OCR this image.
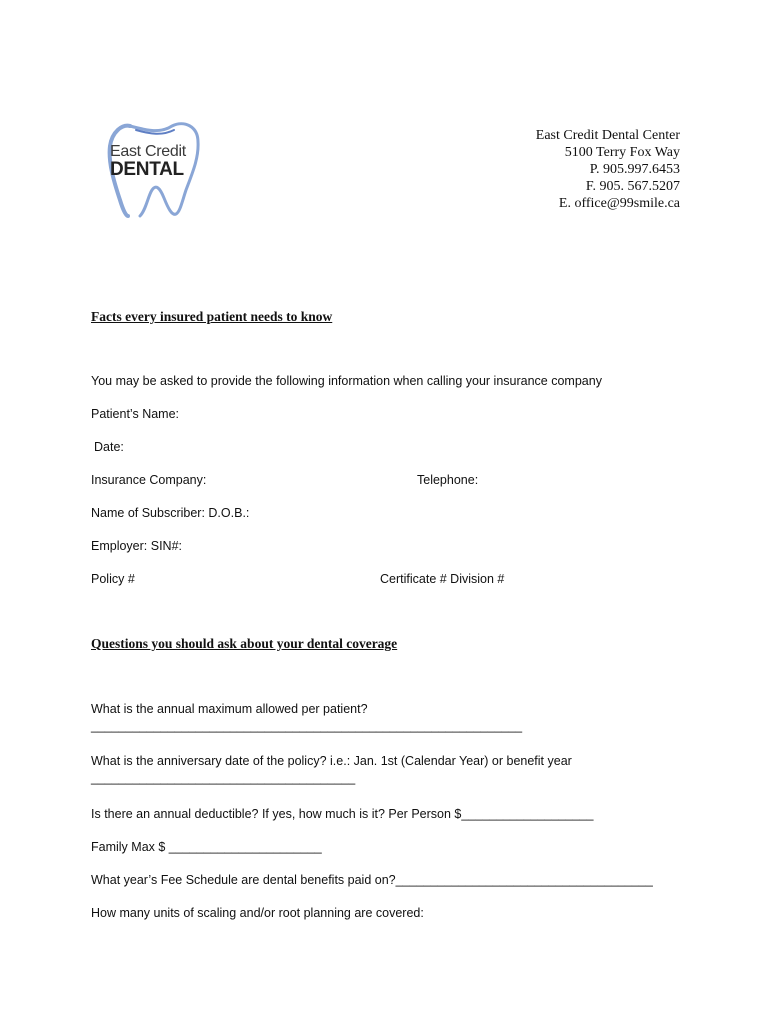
East Credit
DENTAL
East Credit Dental Center
5100 Terry Fox Way
P. 905.997.6453
F. 905. 567.5207
E. office@99smile.ca
Facts every insured patient needs to know
You may be asked to provide the following information when calling your insurance company
Patient’s Name:
Date:
Insurance Company:	Telephone:
Name of Subscriber: D.O.B.:
Employer: SIN#:
Policy #	Certificate # Division #
Questions you should ask about your dental coverage
What is the annual maximum allowed per patient?
______________________________________________________________
What is the anniversary date of the policy? i.e.: Jan. 1st (Calendar Year) or benefit year
______________________________________
Is there an annual deductible? If yes, how much is it? Per Person $___________________
Family Max $ ______________________
What year’s Fee Schedule are dental benefits paid on?_____________________________________
How many units of scaling and/or root planning are covered:
